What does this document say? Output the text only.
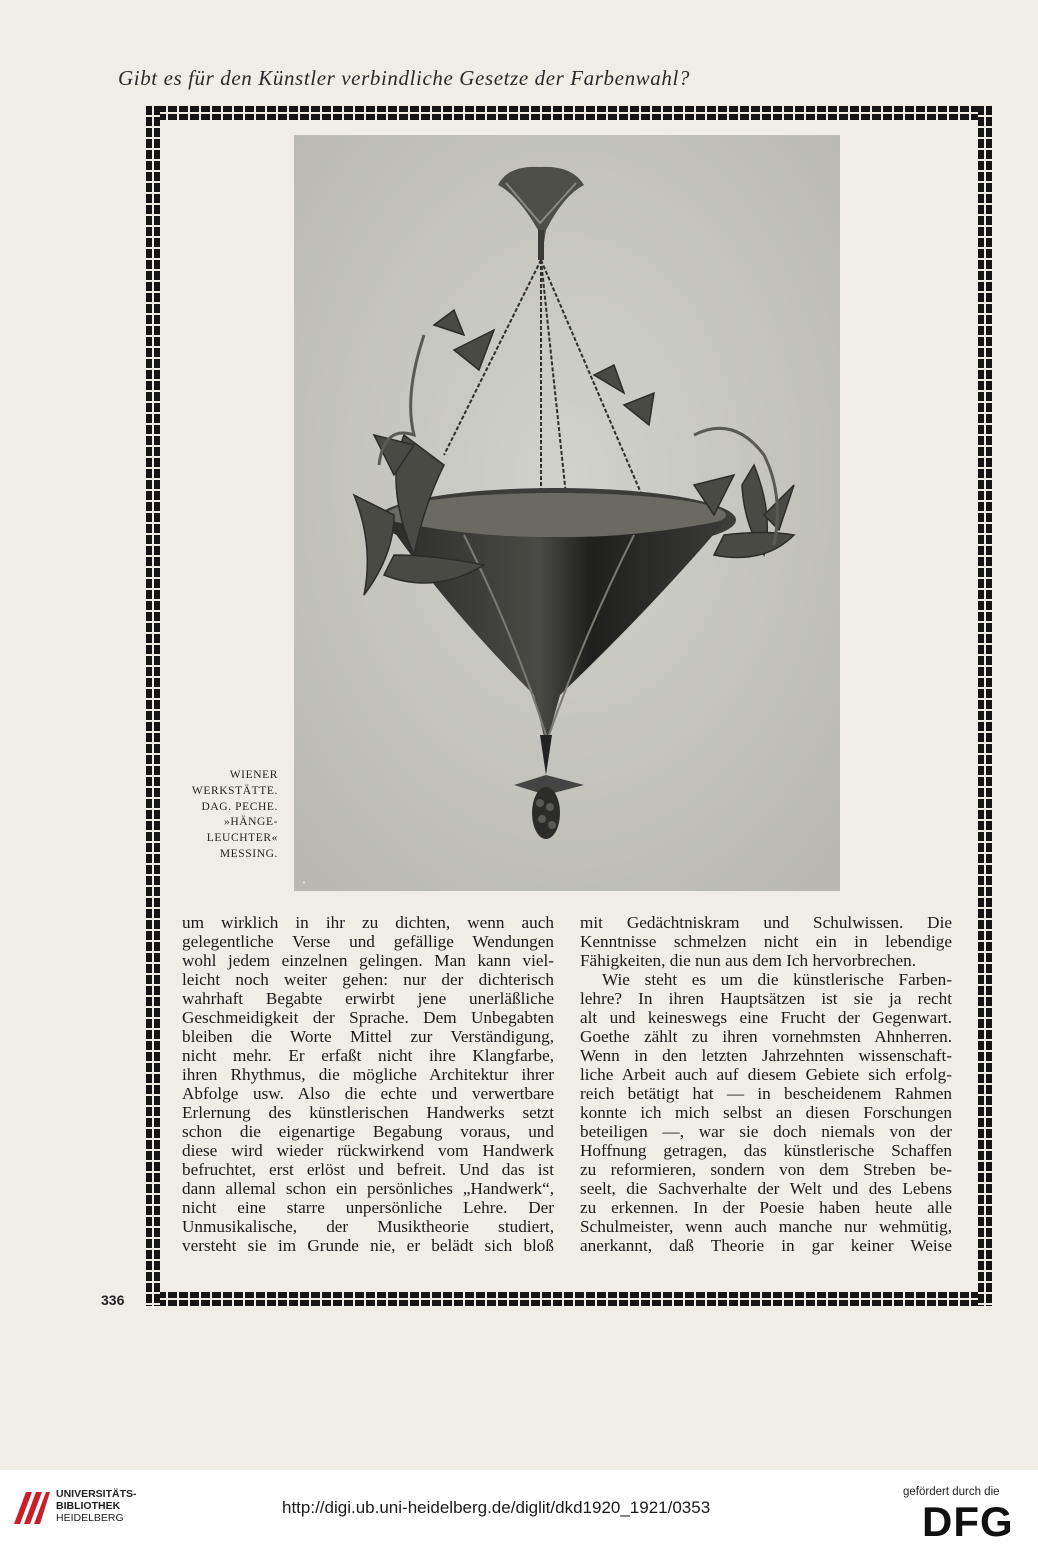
Gibt es für den Künstler verbindliche Gesetze der Farbenwahl?
•
WIENER
WERKSTÄTTE.
DAG. PECHE.
»HÄNGE-
LEUCHTER«
MESSING.
um wirklich in ihr zu dichten, wenn auch
gelegentliche Verse und gefällige Wendungen
wohl jedem einzelnen gelingen. Man kann viel-
leicht noch weiter gehen: nur der dichterisch
wahrhaft Begabte erwirbt jene unerläßliche
Geschmeidigkeit der Sprache. Dem Unbegabten
bleiben die Worte Mittel zur Verständigung,
nicht mehr. Er erfaßt nicht ihre Klangfarbe,
ihren Rhythmus, die mögliche Architektur ihrer
Abfolge usw. Also die echte und verwertbare
Erlernung des künstlerischen Handwerks setzt
schon die eigenartige Begabung voraus, und
diese wird wieder rückwirkend vom Handwerk
befruchtet, erst erlöst und befreit. Und das ist
dann allemal schon ein persönliches „Handwerk“,
nicht eine starre unpersönliche Lehre. Der
Unmusikalische, der Musiktheorie studiert,
versteht sie im Grunde nie, er belädt sich bloß
mit Gedächtniskram und Schulwissen. Die
Kenntnisse schmelzen nicht ein in lebendige
Fähigkeiten, die nun aus dem Ich hervorbrechen.
Wie steht es um die künstlerische Farben-
lehre? In ihren Hauptsätzen ist sie ja recht
alt und keineswegs eine Frucht der Gegenwart.
Goethe zählt zu ihren vornehmsten Ahnherren.
Wenn in den letzten Jahrzehnten wissenschaft-
liche Arbeit auch auf diesem Gebiete sich erfolg-
reich betätigt hat — in bescheidenem Rahmen
konnte ich mich selbst an diesen Forschungen
beteiligen —, war sie doch niemals von der
Hoffnung getragen, das künstlerische Schaffen
zu reformieren, sondern von dem Streben be-
seelt, die Sachverhalte der Welt und des Lebens
zu erkennen. In der Poesie haben heute alle
Schulmeister, wenn auch manche nur wehmütig,
anerkannt, daß Theorie in gar keiner Weise
336
UNIVERSITÄTS-
BIBLIOTHEK
HEIDELBERG
http://digi.ub.uni-heidelberg.de/diglit/dkd1920_1921/0353
gefördert durch die
DFG
